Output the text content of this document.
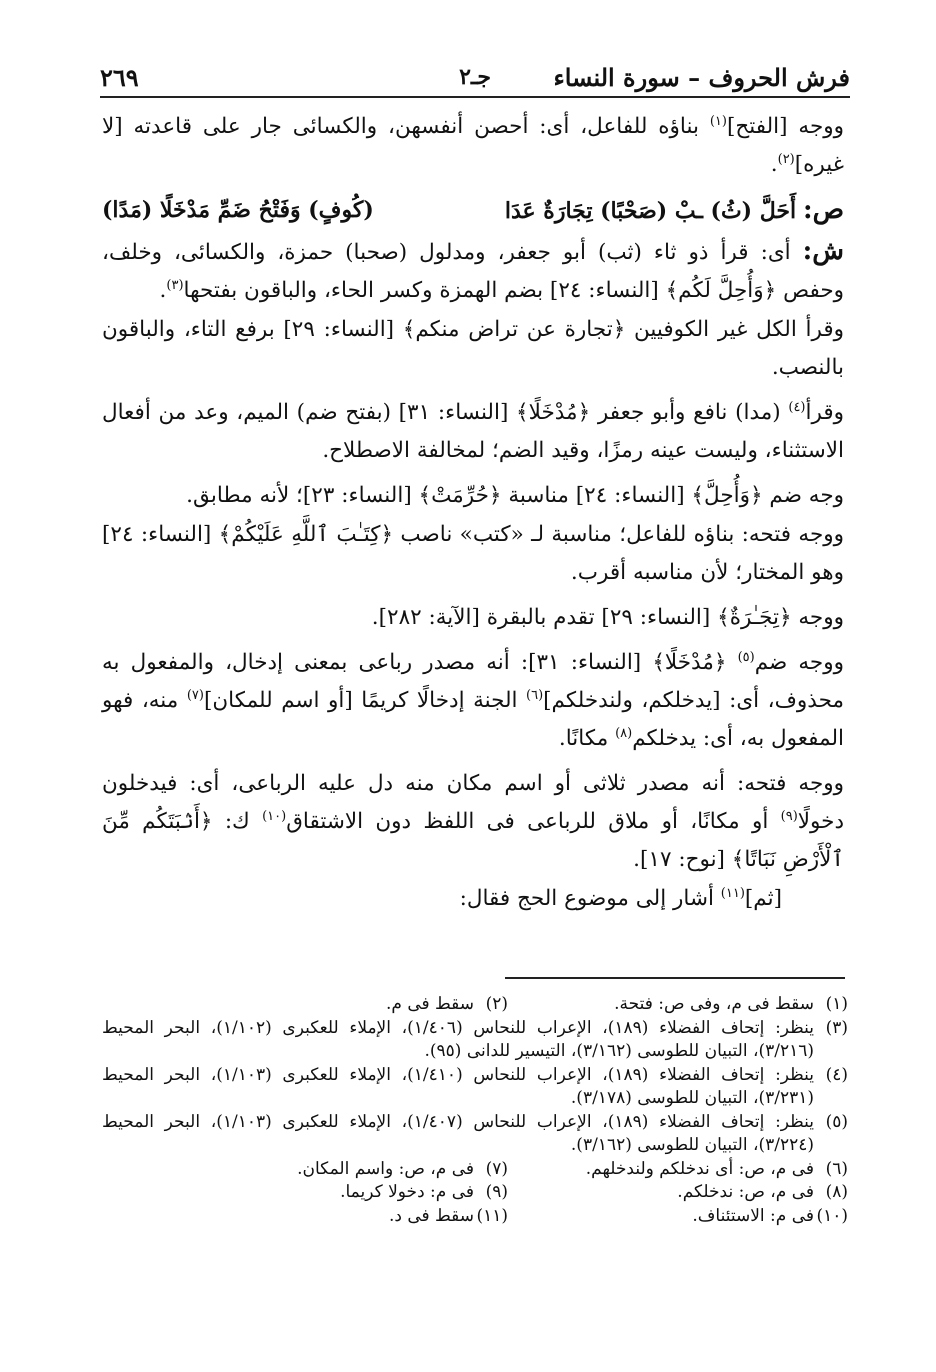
فرش الحروف – سورة النساء
جـ٢
٢٦٩

ووجه [الفتح]$^{(١)}$ بناؤه للفاعل، أى: أحصن أنفسهن، والكسائى جار على قاعدته [لا غيره]$^{(٢)}$.

ص: أَحَلَّ (ثُ) ـبْ (صَحْبًا) تِجَارَةٌ عَدَا
(كُوفٍ) وَفَتْحُ ضَمِّ مَدْخَلًا (مَدًا)

ش: أى: قرأ ذو ثاء (ثب) أبو جعفر، ومدلول (صحبا) حمزة، والكسائى، وخلف، وحفص ﴿وَأُحِلَّ لَكُم﴾ [النساء: ٢٤] بضم الهمزة وكسر الحاء، والباقون بفتحها$^{(٣)}$.

وقرأ الكل غير الكوفيين ﴿تجارة عن تراض منكم﴾ [النساء: ٢٩] برفع التاء، والباقون بالنصب.

وقرأ$^{(٤)}$ (مدا) نافع وأبو جعفر ﴿مُدْخَلًا﴾ [النساء: ٣١] (بفتح ضم) الميم، وعد من أفعال الاستثناء، وليست عينه رمزًا، وقيد الضم؛ لمخالفة الاصطلاح.

وجه ضم ﴿وَأُحِلَّ﴾ [النساء: ٢٤] مناسبة ﴿حُرِّمَتْ﴾ [النساء: ٢٣]؛ لأنه مطابق.

ووجه فتحه: بناؤه للفاعل؛ مناسبة لـ «كتب» ناصب ﴿كِتَـٰبَ ٱللَّهِ عَلَيْكُمْ﴾ [النساء: ٢٤] وهو المختار؛ لأن مناسبه أقرب.

ووجه ﴿تِجَـٰرَةٌ﴾ [النساء: ٢٩] تقدم بالبقرة [الآية: ٢٨٢].

ووجه ضم$^{(٥)}$ ﴿مُدْخَلًا﴾ [النساء: ٣١]: أنه مصدر رباعى بمعنى إدخال، والمفعول به محذوف، أى: [يدخلكم، ولندخلكم]$^{(٦)}$ الجنة إدخالًا كريمًا [أو اسم للمكان]$^{(٧)}$ منه، فهو المفعول به، أى: يدخلكم$^{(٨)}$ مكانًا.

ووجه فتحه: أنه مصدر ثلاثى أو اسم مكان منه دل عليه الرباعى، أى: فيدخلون دخولًا$^{(٩)}$ أو مكانًا، أو ملاق للرباعى فى اللفظ دون الاشتقاق$^{(١٠)}$ ك: ﴿أَنۢبَتَكُم مِّنَ ٱلْأَرْضِ نَبَاتًا﴾ [نوح: ١٧].

[ثم]$^{(١١)}$ أشار إلى موضوع الحج فقال:

(١)
سقط فى م، وفى ص: فتحة.
(٢)
سقط فى م.
(٣)
ينظر: إتحاف الفضلاء (١٨٩)، الإعراب للنحاس (١/٤٠٦)، الإملاء للعكبرى (١/١٠٢)، البحر المحيط (٣/٢١٦)، التبيان للطوسى (٣/١٦٢)، التيسير للدانى (٩٥).
(٤)
ينظر: إتحاف الفضلاء (١٨٩)، الإعراب للنحاس (١/٤١٠)، الإملاء للعكبرى (١/١٠٣)، البحر المحيط (٣/٢٣١)، التبيان للطوسى (٣/١٧٨).
(٥)
ينظر: إتحاف الفضلاء (١٨٩)، الإعراب للنحاس (١/٤٠٧)، الإملاء للعكبرى (١/١٠٣)، البحر المحيط (٣/٢٢٤)، التبيان للطوسى (٣/١٦٢).
(٦)
فى م، ص: أى ندخلكم ولندخلهم.
(٧)
فى م، ص: واسم المكان.
(٨)
فى م، ص: ندخلكم.
(٩)
فى م: دخولا كريما.
(١٠)
فى م: الاستئناف.
(١١)
سقط فى د.
